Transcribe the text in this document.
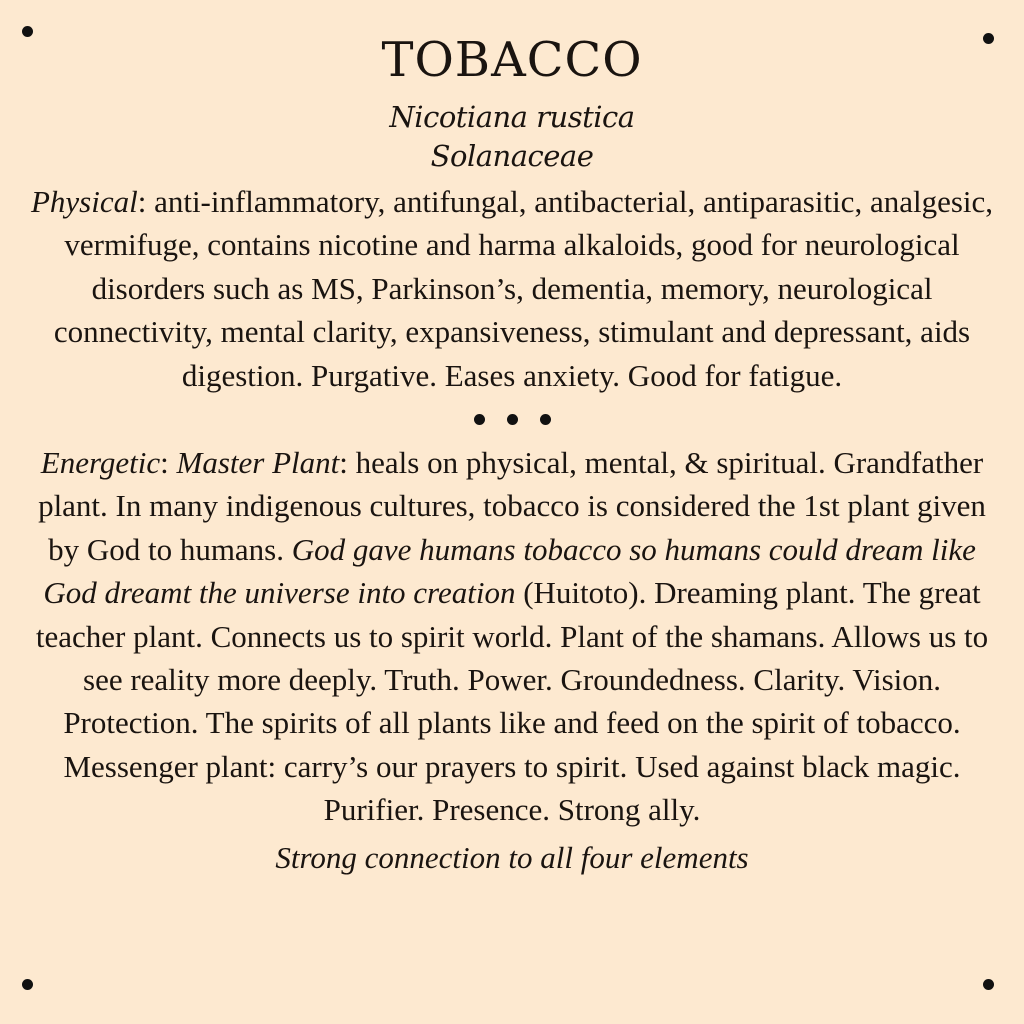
TOBACCO
Nicotiana rustica
Solanaceae
Physical: anti-inflammatory, antifungal, antibacterial, antiparasitic, analgesic, vermifuge, contains nicotine and harma alkaloids, good for neurological disorders such as MS, Parkinson’s, dementia, memory, neurological connectivity, mental clarity, expansiveness, stimulant and depressant, aids digestion. Purgative. Eases anxiety. Good for fatigue.
Energetic: Master Plant: heals on physical, mental, & spiritual. Grandfather plant. In many indigenous cultures, tobacco is considered the 1st plant given by God to humans. God gave humans tobacco so humans could dream like God dreamt the universe into creation (Huitoto). Dreaming plant. The great teacher plant. Connects us to spirit world. Plant of the shamans. Allows us to see reality more deeply. Truth. Power. Groundedness. Clarity. Vision. Protection. The spirits of all plants like and feed on the spirit of tobacco. Messenger plant: carry’s our prayers to spirit. Used against black magic. Purifier. Presence. Strong ally.
Strong connection to all four elements
